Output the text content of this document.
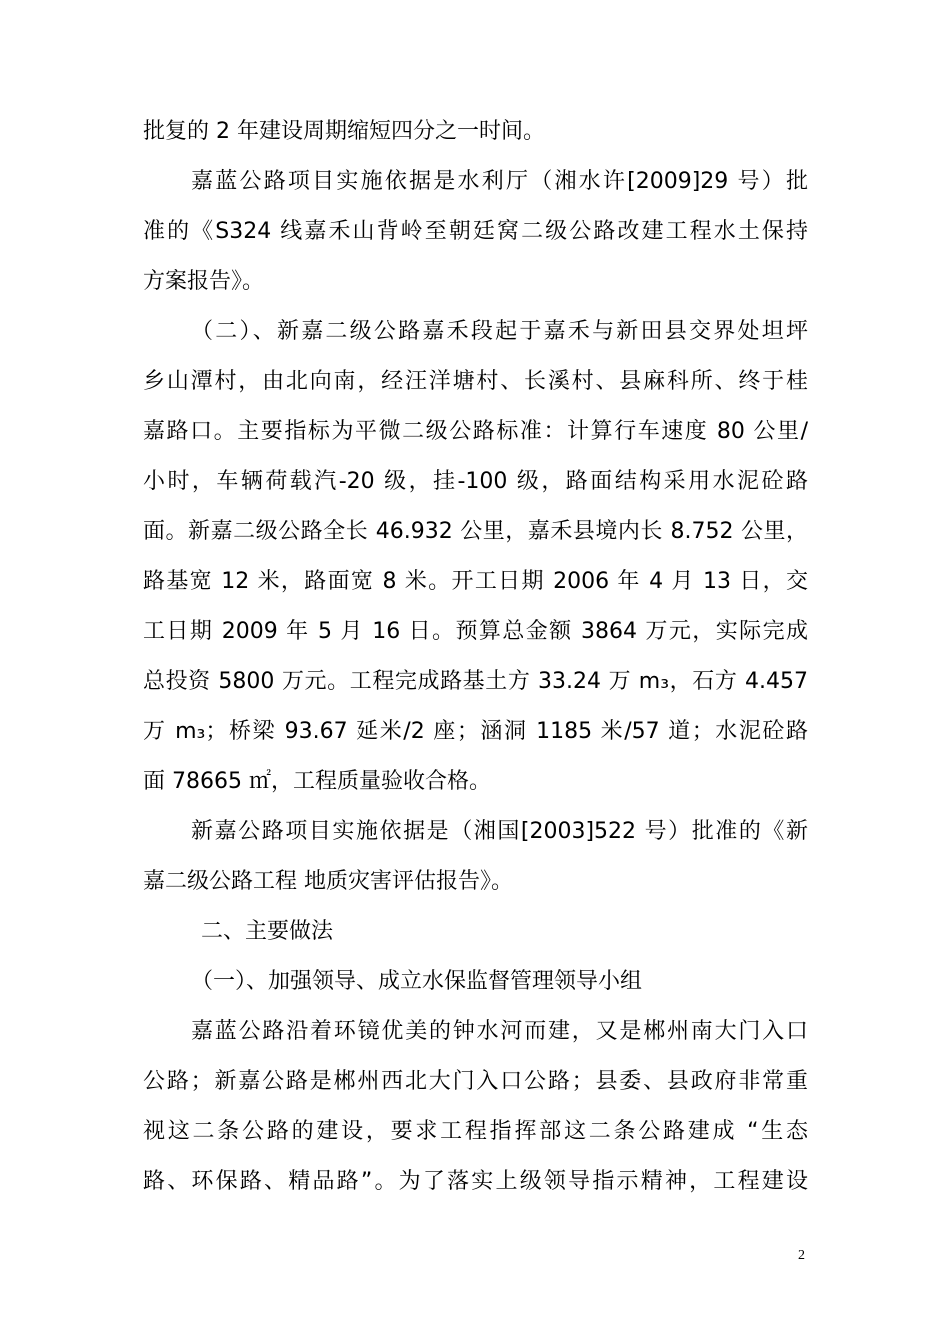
批复的 2 年建设周期缩短四分之一时间。
嘉蓝公路项目实施依据是水利厅（湘水许[2009]29 号）批
准的《S324 线嘉禾山背岭至朝廷窝二级公路改建工程水土保持
方案报告》。
（二）、新嘉二级公路嘉禾段起于嘉禾与新田县交界处坦坪
乡山潭村，由北向南，经汪洋塘村、长溪村、县麻科所、终于桂
嘉路口。主要指标为平微二级公路标准：计算行车速度 80 公里/
小时，车辆荷载汽-20 级，挂-100 级，路面结构采用水泥砼路
面。新嘉二级公路全长 46.932 公里，嘉禾县境内长 8.752 公里，
路基宽 12 米，路面宽 8 米。开工日期 2006 年 4 月 13 日，交
工日期 2009 年 5 月 16 日。预算总金额 3864 万元，实际完成
总投资 5800 万元。工程完成路基土方 33.24 万 m₃，石方 4.457
万 m₃；桥梁 93.67 延米/2 座；涵洞 1185 米/57 道；水泥砼路
面 78665 ㎡，工程质量验收合格。
新嘉公路项目实施依据是（湘国[2003]522 号）批准的《新
嘉二级公路工程 地质灾害评估报告》。
二、主要做法
（一）、加强领导、成立水保监督管理领导小组
嘉蓝公路沿着环镜优美的钟水河而建，又是郴州南大门入口
公路；新嘉公路是郴州西北大门入口公路；县委、县政府非常重
视这二条公路的建设，要求工程指挥部这二条公路建成 “生态
路、环保路、精品路”。为了落实上级领导指示精神，工程建设
2
